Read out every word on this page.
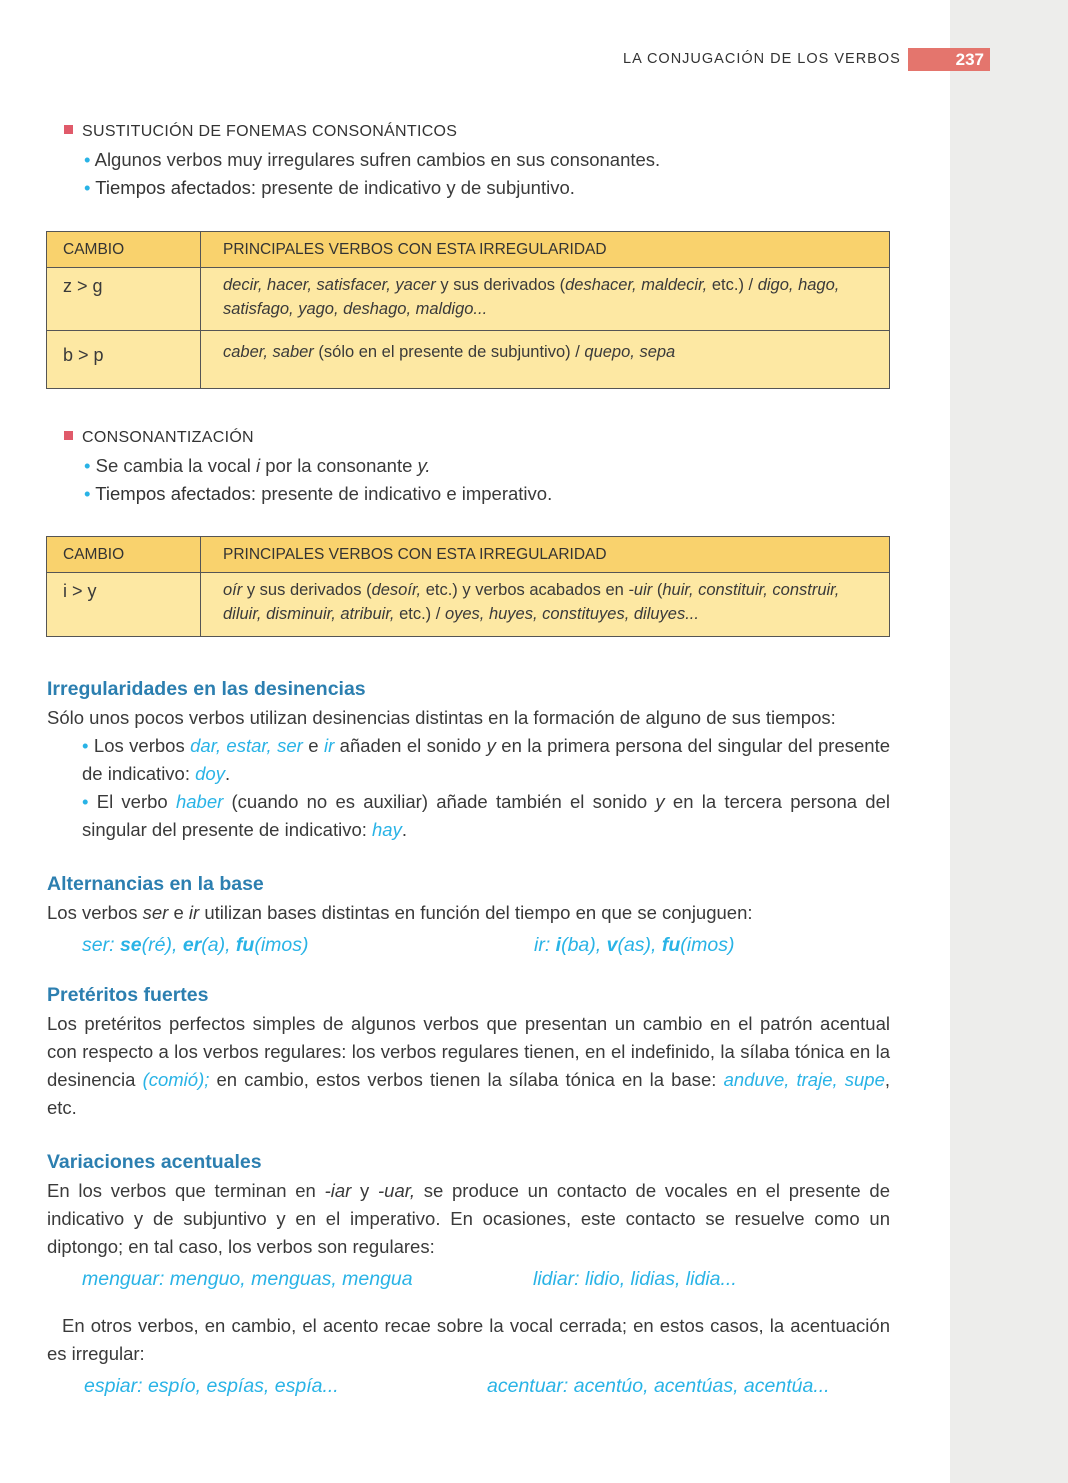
LA CONJUGACIÓN DE LOS VERBOS	237
SUSTITUCIÓN DE FONEMAS CONSONÁNTICOS
• Algunos verbos muy irregulares sufren cambios en sus consonantes.
• Tiempos afectados: presente de indicativo y de subjuntivo.
CAMBIO	PRINCIPALES VERBOS CON ESTA IRREGULARIDAD
z > g	decir, hacer, satisfacer, yacer y sus derivados (deshacer, maldecir, etc.) / digo, hago, satisfago, yago, deshago, maldigo...
b > p	caber, saber (sólo en el presente de subjuntivo) / quepo, sepa
CONSONANTIZACIÓN
• Se cambia la vocal i por la consonante y.
• Tiempos afectados: presente de indicativo e imperativo.
CAMBIO	PRINCIPALES VERBOS CON ESTA IRREGULARIDAD
i > y	oír y sus derivados (desoír, etc.) y verbos acabados en -uir (huir, constituir, construir, diluir, disminuir, atribuir, etc.) / oyes, huyes, constituyes, diluyes...
Irregularidades en las desinencias
Sólo unos pocos verbos utilizan desinencias distintas en la formación de alguno de sus tiempos:
• Los verbos dar, estar, ser e ir añaden el sonido y en la primera persona del singular del presente de indicativo: doy.
• El verbo haber (cuando no es auxiliar) añade también el sonido y en la tercera persona del singular del presente de indicativo: hay.
Alternancias en la base
Los verbos ser e ir utilizan bases distintas en función del tiempo en que se conjuguen:
ser: se(ré), er(a), fu(imos)	ir: i(ba), v(as), fu(imos)
Pretéritos fuertes
Los pretéritos perfectos simples de algunos verbos que presentan un cambio en el patrón acentual con respecto a los verbos regulares: los verbos regulares tienen, en el indefinido, la sílaba tónica en la desinencia (comió); en cambio, estos verbos tienen la sílaba tónica en la base: anduve, traje, supe, etc.
Variaciones acentuales
En los verbos que terminan en -iar y -uar, se produce un contacto de vocales en el presente de indicativo y de subjuntivo y en el imperativo. En ocasiones, este contacto se resuelve como un diptongo; en tal caso, los verbos son regulares:
menguar: menguo, menguas, mengua	lidiar: lidio, lidias, lidia...
En otros verbos, en cambio, el acento recae sobre la vocal cerrada; en estos casos, la acentuación es irregular:
espiar: espío, espías, espía...	acentuar: acentúo, acentúas, acentúa...
